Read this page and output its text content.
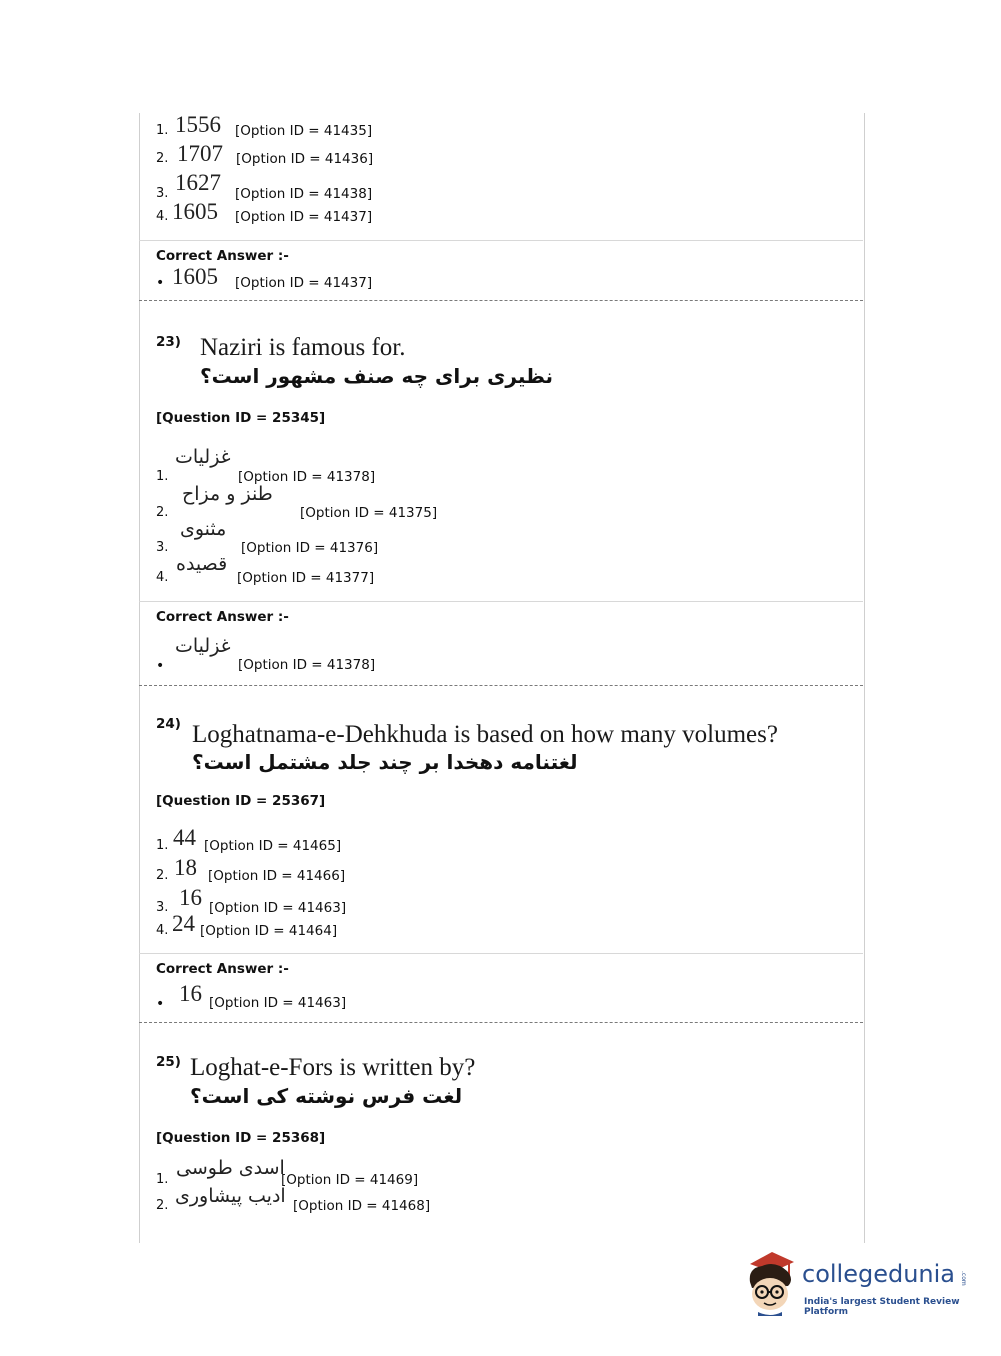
1. 1556 [Option ID = 41435]
2. 1707 [Option ID = 41436]
3. 1627 [Option ID = 41438]
4. 1605 [Option ID = 41437]
Correct Answer :-
• 1605 [Option ID = 41437]
23) Naziri is famous for.
نظیری برای چه صنف مشهور است؟
[Question ID = 25345]
1.
غزلیات
[Option ID = 41378]
2.
طنز و مزاح
[Option ID = 41375]
3.
مثنوی
[Option ID = 41376]
4.
قصیده
[Option ID = 41377]
Correct Answer :-
•
غزلیات
[Option ID = 41378]
24) Loghatnama-e-Dehkhuda is based on how many volumes?
لغتنامه دهخدا بر چند جلد مشتمل است؟
[Question ID = 25367]
1. 44 [Option ID = 41465]
2. 18 [Option ID = 41466]
3. 16 [Option ID = 41463]
4. 24 [Option ID = 41464]
Correct Answer :-
• 16 [Option ID = 41463]
25) Loghat-e-Fors is written by?
لغت فرس نوشته کی است؟
[Question ID = 25368]
1.
اسدی طوسی
[Option ID = 41469]
2. ادیب پیشاوری [Option ID = 41468]
collegedunia .com
India's largest Student Review Platform
